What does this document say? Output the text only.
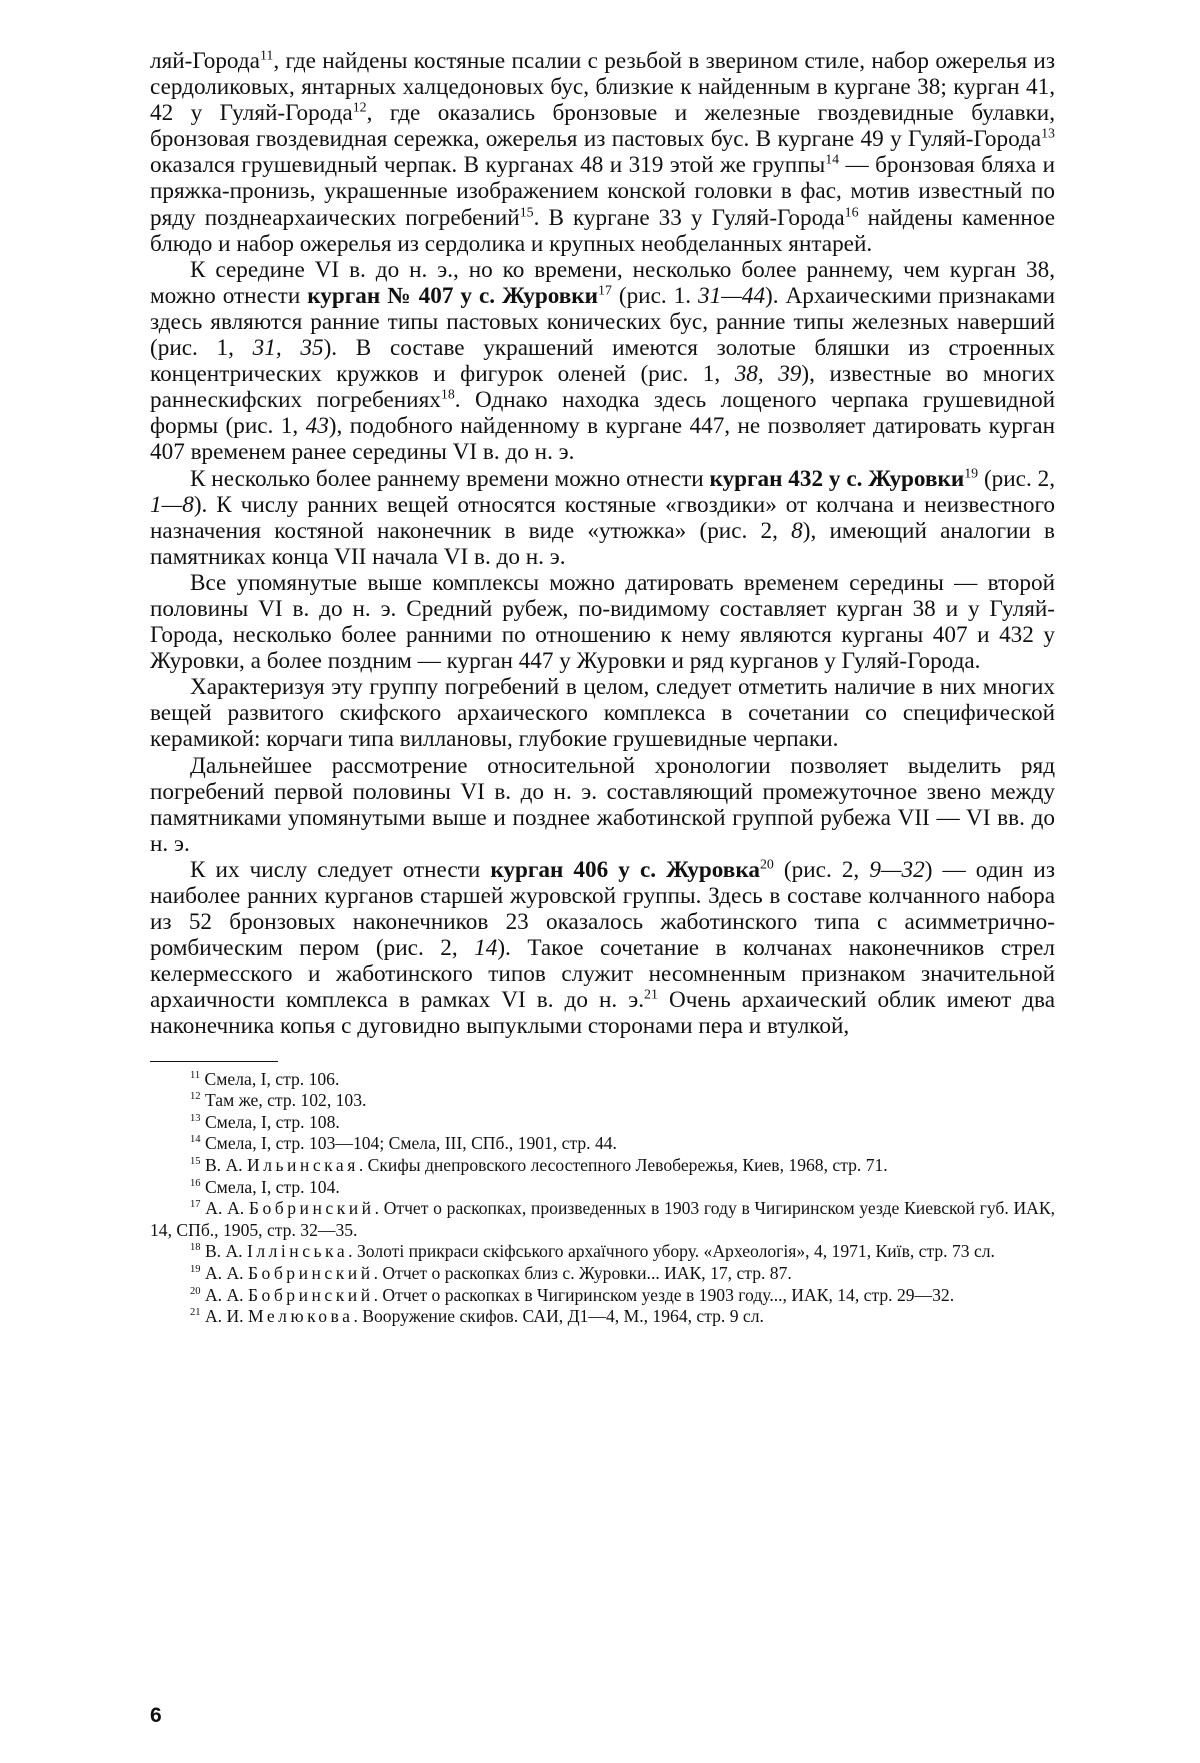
ляй-Города$^{11}$, где найдены костяные псалии с резьбой в зверином стиле, набор ожерелья из сердоликовых, янтарных халцедоновых бус, близкие к найденным в кургане 38; курган 41, 42 у Гуляй-Города$^{12}$, где оказались бронзовые и железные гвоздевидные булавки, бронзовая гвоздевидная сережка, ожерелья из пастовых бус. В кургане 49 у Гуляй-Города$^{13}$ оказался грушевидный черпак. В курганах 48 и 319 этой же группы$^{14}$ — бронзовая бляха и пряжка-пронизь, украшенные изображением конской головки в фас, мотив известный по ряду позднеархаических погребений$^{15}$. В кургане 33 у Гуляй-Города$^{16}$ найдены каменное блюдо и набор ожерелья из сердолика и крупных необделанных янтарей.

К середине VI в. до н. э., но ко времени, несколько более раннему, чем курган 38, можно отнести курган № 407 у с. Журовки$^{17}$ (рис. 1. 31—44). Архаическими признаками здесь являются ранние типы пастовых конических бус, ранние типы железных наверший (рис. 1, 31, 35). В составе украшений имеются золотые бляшки из строенных концентрических кружков и фигурок оленей (рис. 1, 38, 39), известные во многих раннескифских погребениях$^{18}$. Однако находка здесь лощеного черпака грушевидной формы (рис. 1, 43), подобного найденному в кургане 447, не позволяет датировать курган 407 временем ранее середины VI в. до н. э.

К несколько более раннему времени можно отнести курган 432 у с. Журовки$^{19}$ (рис. 2, 1—8). К числу ранних вещей относятся костяные «гвоздики» от колчана и неизвестного назначения костяной наконечник в виде «утюжка» (рис. 2, 8), имеющий аналогии в памятниках конца VII начала VI в. до н. э.

Все упомянутые выше комплексы можно датировать временем середины — второй половины VI в. до н. э. Средний рубеж, по-видимому составляет курган 38 и у Гуляй-Города, несколько более ранними по отношению к нему являются курганы 407 и 432 у Журовки, а более поздним — курган 447 у Журовки и ряд курганов у Гуляй-Города.

Характеризуя эту группу погребений в целом, следует отметить наличие в них многих вещей развитого скифского архаического комплекса в сочетании со специфической керамикой: корчаги типа виллановы, глубокие грушевидные черпаки.

Дальнейшее рассмотрение относительной хронологии позволяет выделить ряд погребений первой половины VI в. до н. э. составляющий промежуточное звено между памятниками упомянутыми выше и позднее жаботинской группой рубежа VII — VI вв. до н. э.

К их числу следует отнести курган 406 у с. Журовка$^{20}$ (рис. 2, 9—32) — один из наиболее ранних курганов старшей журовской группы. Здесь в составе колчанного набора из 52 бронзовых наконечников 23 оказалось жаботинского типа с асимметрично-ромбическим пером (рис. 2, 14). Такое сочетание в колчанах наконечников стрел келермесского и жаботинского типов служит несомненным признаком значительной архаичности комплекса в рамках VI в. до н. э.$^{21}$ Очень архаический облик имеют два наконечника копья с дуговидно выпуклыми сторонами пера и втулкой,

$^{11}$ Смела, I, стр. 106.

$^{12}$ Там же, стр. 102, 103.

$^{13}$ Смела, I, стр. 108.

$^{14}$ Смела, I, стр. 103—104; Смела, III, СПб., 1901, стр. 44.

$^{15}$ В. А. Ильинская. Скифы днепровского лесостепного Левобережья, Киев, 1968, стр. 71.

$^{16}$ Смела, I, стр. 104.

$^{17}$ А. А. Бобринский. Отчет о раскопках, произведенных в 1903 году в Чигиринском уезде Киевской губ. ИАК, 14, СПб., 1905, стр. 32—35.

$^{18}$ В. А. Іллінська. Золоті прикраси скіфського архаїчного убору. «Археологія», 4, 1971, Київ, стр. 73 сл.

$^{19}$ А. А. Бобринский. Отчет о раскопках близ с. Журовки... ИАК, 17, стр. 87.

$^{20}$ А. А. Бобринский. Отчет о раскопках в Чигиринском уезде в 1903 году..., ИАК, 14, стр. 29—32.

$^{21}$ А. И. Мелюкова. Вооружение скифов. САИ, Д1—4, М., 1964, стр. 9 сл.

6
